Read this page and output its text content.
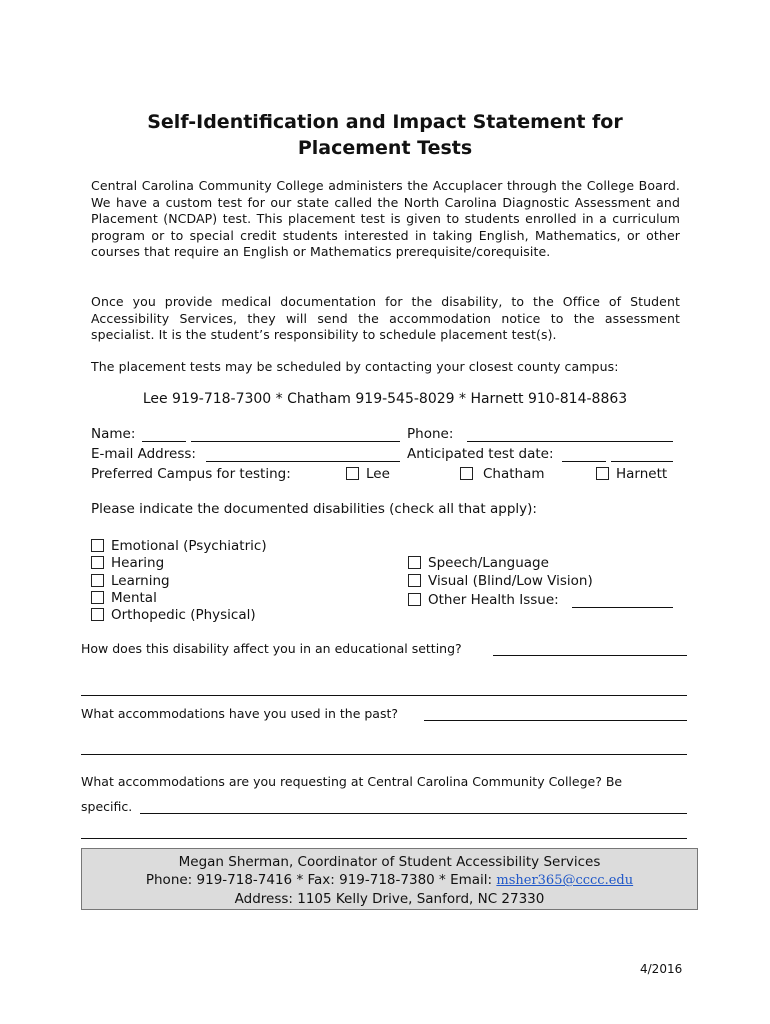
Self-Identification and Impact Statement for
Placement Tests
Central Carolina Community College administers the Accuplacer through the College Board. We have a custom test for our state called the North Carolina Diagnostic Assessment and Placement (NCDAP) test. This placement test is given to students enrolled in a curriculum program or to special credit students interested in taking English, Mathematics, or other courses that require an English or Mathematics prerequisite/corequisite.
Once you provide medical documentation for the disability, to the Office of Student Accessibility Services, they will send the accommodation notice to the assessment specialist. It is the student’s responsibility to schedule placement test(s).
The placement tests may be scheduled by contacting your closest county campus:
Lee 919-718-7300 * Chatham 919-545-8029 * Harnett 910-814-8863
Name:	Phone:
E-mail Address:	Anticipated test date:
Preferred Campus for testing:	Lee	Chatham	Harnett
Please indicate the documented disabilities (check all that apply):
Emotional (Psychiatric)
Hearing
Learning
Mental
Orthopedic (Physical)
Speech/Language
Visual (Blind/Low Vision)
Other Health Issue:
How does this disability affect you in an educational setting?
What accommodations have you used in the past?
What accommodations are you requesting at Central Carolina Community College? Be
specific.
Megan Sherman, Coordinator of Student Accessibility Services
Phone: 919-718-7416 * Fax: 919-718-7380 * Email: msher365@cccc.edu
Address: 1105 Kelly Drive, Sanford, NC 27330
4/2016
